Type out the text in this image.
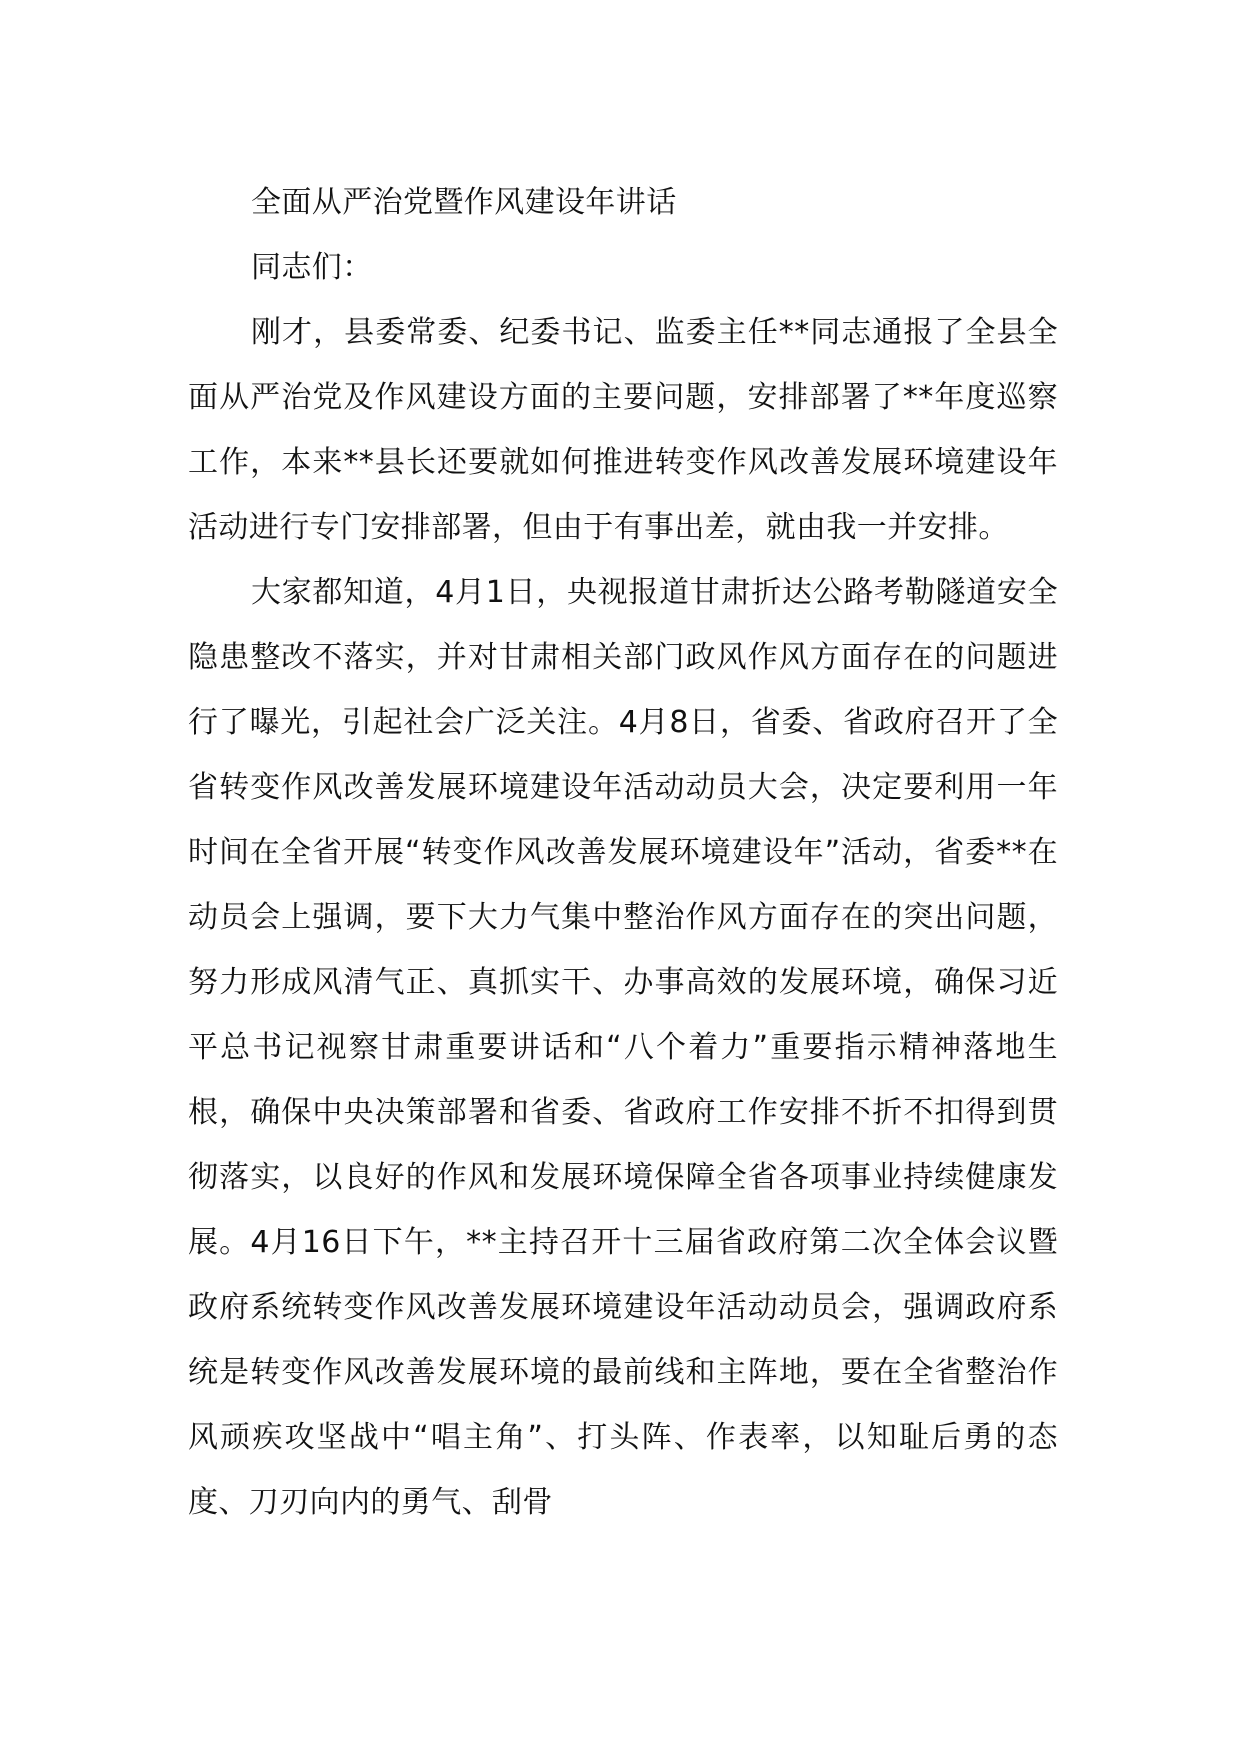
全面从严治党暨作风建设年讲话

同志们：

刚才，县委常委、纪委书记、监委主任**同志通报了全县全面从严治党及作风建设方面的主要问题，安排部署了**年度巡察工作，本来**县长还要就如何推进转变作风改善发展环境建设年活动进行专门安排部署，但由于有事出差，就由我一并安排。

大家都知道，4月1日，央视报道甘肃折达公路考勒隧道安全隐患整改不落实，并对甘肃相关部门政风作风方面存在的问题进行了曝光，引起社会广泛关注。4月8日，省委、省政府召开了全省转变作风改善发展环境建设年活动动员大会，决定要利用一年时间在全省开展“转变作风改善发展环境建设年”活动，省委**在动员会上强调，要下大力气集中整治作风方面存在的突出问题，努力形成风清气正、真抓实干、办事高效的发展环境，确保习近平总书记视察甘肃重要讲话和“八个着力”重要指示精神落地生根，确保中央决策部署和省委、省政府工作安排不折不扣得到贯彻落实，以良好的作风和发展环境保障全省各项事业持续健康发展。4月16日下午，**主持召开十三届省政府第二次全体会议暨政府系统转变作风改善发展环境建设年活动动员会，强调政府系统是转变作风改善发展环境的最前线和主阵地，要在全省整治作风顽疾攻坚战中“唱主角”、打头阵、作表率，以知耻后勇的态度、刀刃向内的勇气、刮骨
